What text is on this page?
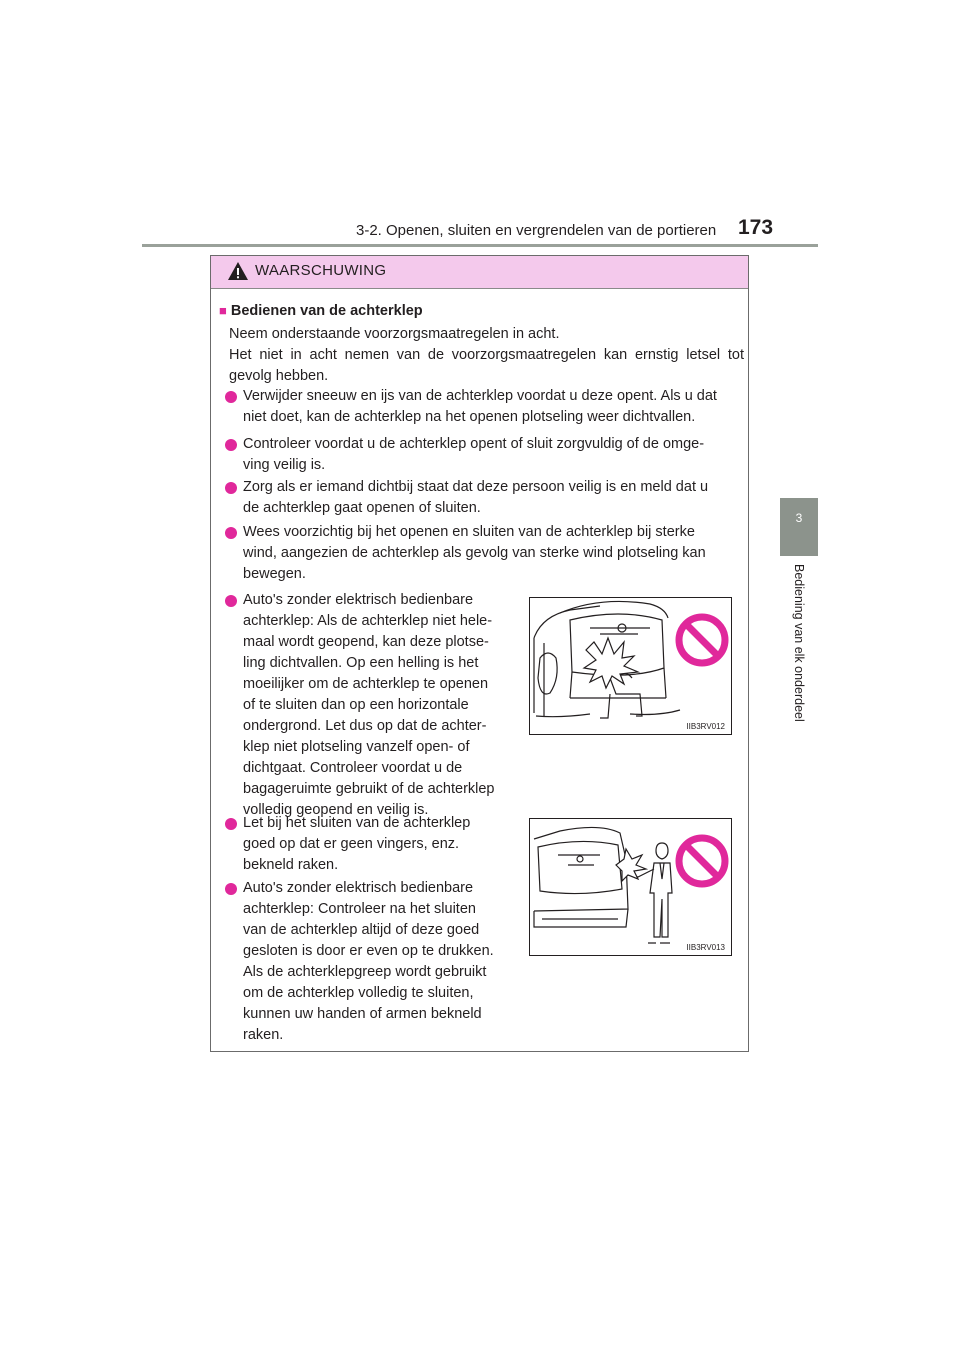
3-2. Openen, sluiten en vergrendelen van de portieren 173
3
Bediening van elk onderdeel
WAARSCHUWING
■ Bedienen van de achterklep

Neem onderstaande voorzorgsmaatregelen in acht.

Het niet in acht nemen van de voorzorgsmaatregelen kan ernstig letsel tot gevolg hebben.

Verwijder sneeuw en ijs van de achterklep voordat u deze opent. Als u dat
niet doet, kan de achterklep na het openen plotseling weer dichtvallen.
Controleer voordat u de achterklep opent of sluit zorgvuldig of de omge-
ving veilig is.
Zorg als er iemand dichtbij staat dat deze persoon veilig is en meld dat u
de achterklep gaat openen of sluiten.
Wees voorzichtig bij het openen en sluiten van de achterklep bij sterke
wind, aangezien de achterklep als gevolg van sterke wind plotseling kan
bewegen.
Auto's zonder elektrisch bedienbare
achterklep: Als de achterklep niet hele-
maal wordt geopend, kan deze plotse-
ling dichtvallen. Op een helling is het
moeilijker om de achterklep te openen
of te sluiten dan op een horizontale
ondergrond. Let dus op dat de achter-
klep niet plotseling vanzelf open- of
dichtgaat. Controleer voordat u de
bagageruimte gebruikt of de achterklep
volledig geopend en veilig is.
Let bij het sluiten van de achterklep
goed op dat er geen vingers, enz.
bekneld raken.
Auto's zonder elektrisch bedienbare
achterklep: Controleer na het sluiten
van de achterklep altijd of deze goed
gesloten is door er even op te drukken.
Als de achterklepgreep wordt gebruikt
om de achterklep volledig te sluiten,
kunnen uw handen of armen bekneld
raken.
IIB3RV012
IIB3RV013
